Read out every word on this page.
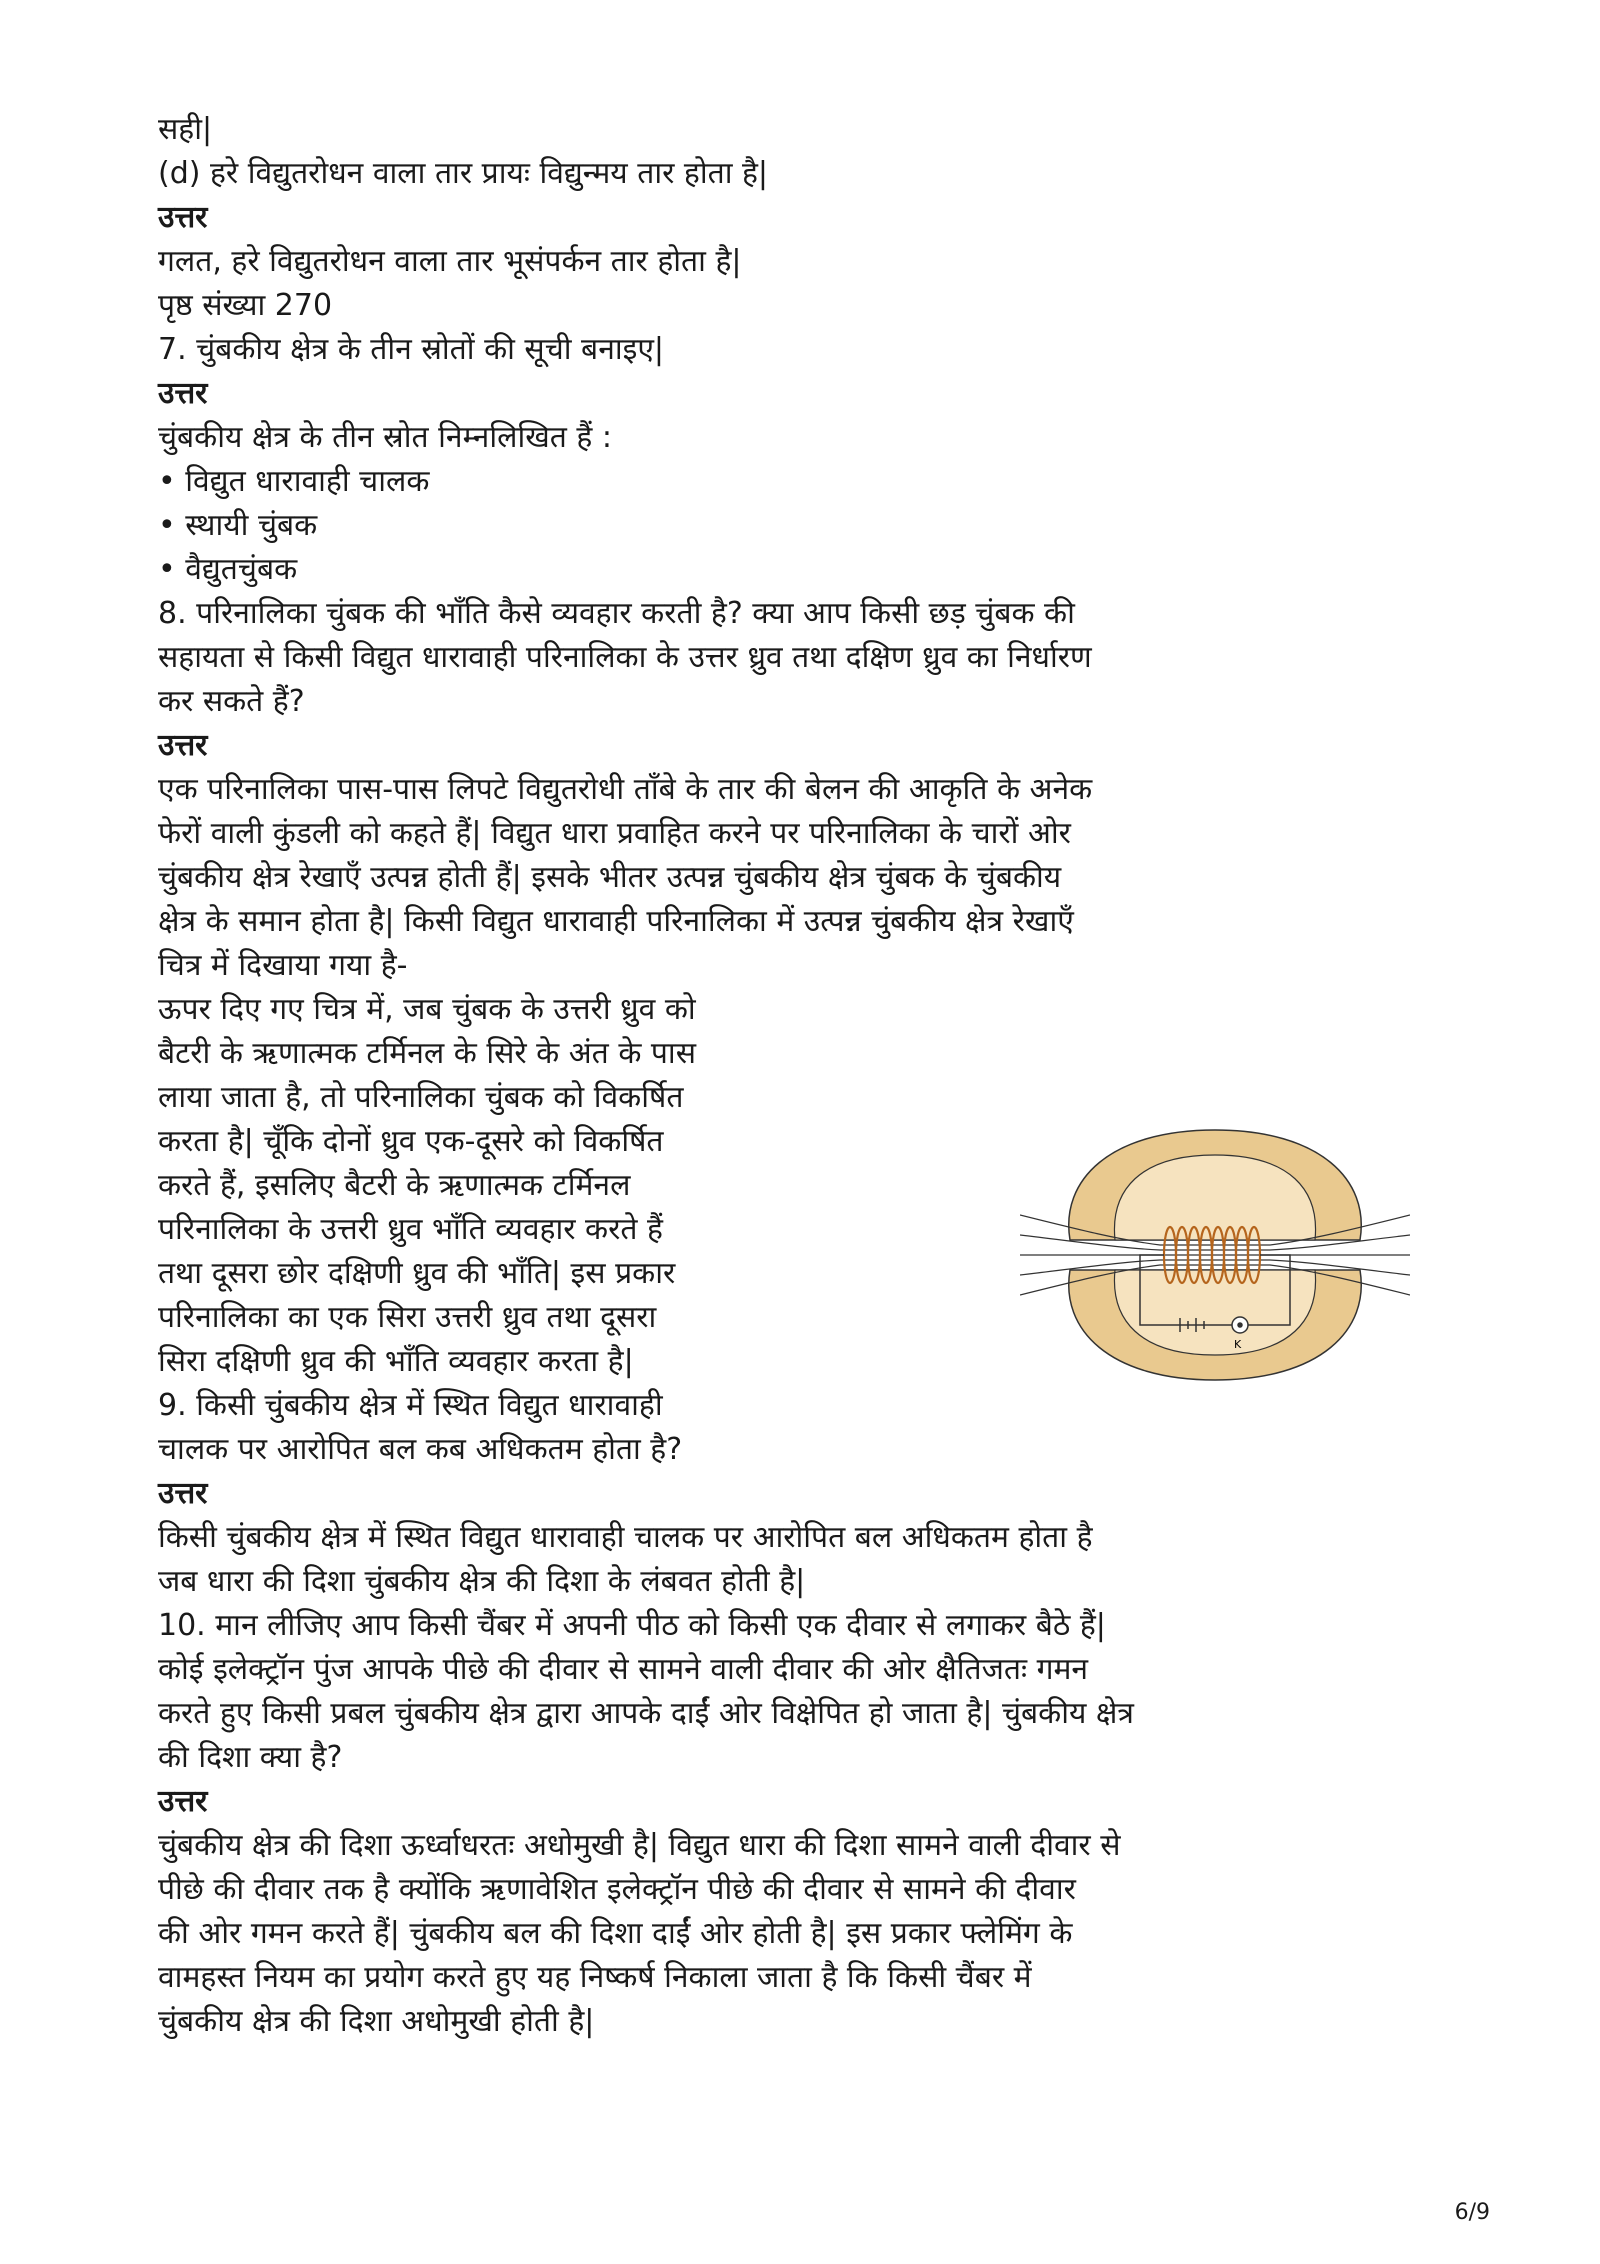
सही|
(d) हरे विद्युतरोधन वाला तार प्रायः विद्युन्मय तार होता है|
उत्तर
गलत, हरे विद्युतरोधन वाला तार भूसंपर्कन तार होता है|
पृष्ठ संख्या 270
7. चुंबकीय क्षेत्र के तीन स्रोतों की सूची बनाइए|
उत्तर
चुंबकीय क्षेत्र के तीन स्रोत निम्नलिखित हैं :
• विद्युत धारावाही चालक
• स्थायी चुंबक
• वैद्युतचुंबक
8. परिनालिका चुंबक की भाँति कैसे व्यवहार करती है? क्या आप किसी छड़ चुंबक की
सहायता से किसी विद्युत धारावाही परिनालिका के उत्तर ध्रुव तथा दक्षिण ध्रुव का निर्धारण
कर सकते हैं?
उत्तर
एक परिनालिका पास-पास लिपटे विद्युतरोधी ताँबे के तार की बेलन की आकृति के अनेक
फेरों वाली कुंडली को कहते हैं| विद्युत धारा प्रवाहित करने पर परिनालिका के चारों ओर
चुंबकीय क्षेत्र रेखाएँ उत्पन्न होती हैं| इसके भीतर उत्पन्न चुंबकीय क्षेत्र चुंबक के चुंबकीय
क्षेत्र के समान होता है| किसी विद्युत धारावाही परिनालिका में उत्पन्न चुंबकीय क्षेत्र रेखाएँ
चित्र में दिखाया गया है-
ऊपर दिए गए चित्र में, जब चुंबक के उत्तरी ध्रुव को
बैटरी के ऋणात्मक टर्मिनल के सिरे के अंत के पास
लाया जाता है, तो परिनालिका चुंबक को विकर्षित
करता है| चूँकि दोनों ध्रुव एक-दूसरे को विकर्षित
करते हैं, इसलिए बैटरी के ऋणात्मक टर्मिनल
परिनालिका के उत्तरी ध्रुव भाँति व्यवहार करते हैं
तथा दूसरा छोर दक्षिणी ध्रुव की भाँति| इस प्रकार
परिनालिका का एक सिरा उत्तरी ध्रुव तथा दूसरा
सिरा दक्षिणी ध्रुव की भाँति व्यवहार करता है|
9. किसी चुंबकीय क्षेत्र में स्थित विद्युत धारावाही
चालक पर आरोपित बल कब अधिकतम होता है?
उत्तर
किसी चुंबकीय क्षेत्र में स्थित विद्युत धारावाही चालक पर आरोपित बल अधिकतम होता है
जब धारा की दिशा चुंबकीय क्षेत्र की दिशा के लंबवत होती है|
10. मान लीजिए आप किसी चैंबर में अपनी पीठ को किसी एक दीवार से लगाकर बैठे हैं|
कोई इलेक्ट्रॉन पुंज आपके पीछे की दीवार से सामने वाली दीवार की ओर क्षैतिजतः गमन
करते हुए किसी प्रबल चुंबकीय क्षेत्र द्वारा आपके दाईं ओर विक्षेपित हो जाता है| चुंबकीय क्षेत्र
की दिशा क्या है?
उत्तर
चुंबकीय क्षेत्र की दिशा ऊर्ध्वाधरतः अधोमुखी है| विद्युत धारा की दिशा सामने वाली दीवार से
पीछे की दीवार तक है क्योंकि ऋणावेशित इलेक्ट्रॉन पीछे की दीवार से सामने की दीवार
की ओर गमन करते हैं| चुंबकीय बल की दिशा दाईं ओर होती है| इस प्रकार फ्लेमिंग के
वामहस्त नियम का प्रयोग करते हुए यह निष्कर्ष निकाला जाता है कि किसी चैंबर में
चुंबकीय क्षेत्र की दिशा अधोमुखी होती है|
K
6/9
